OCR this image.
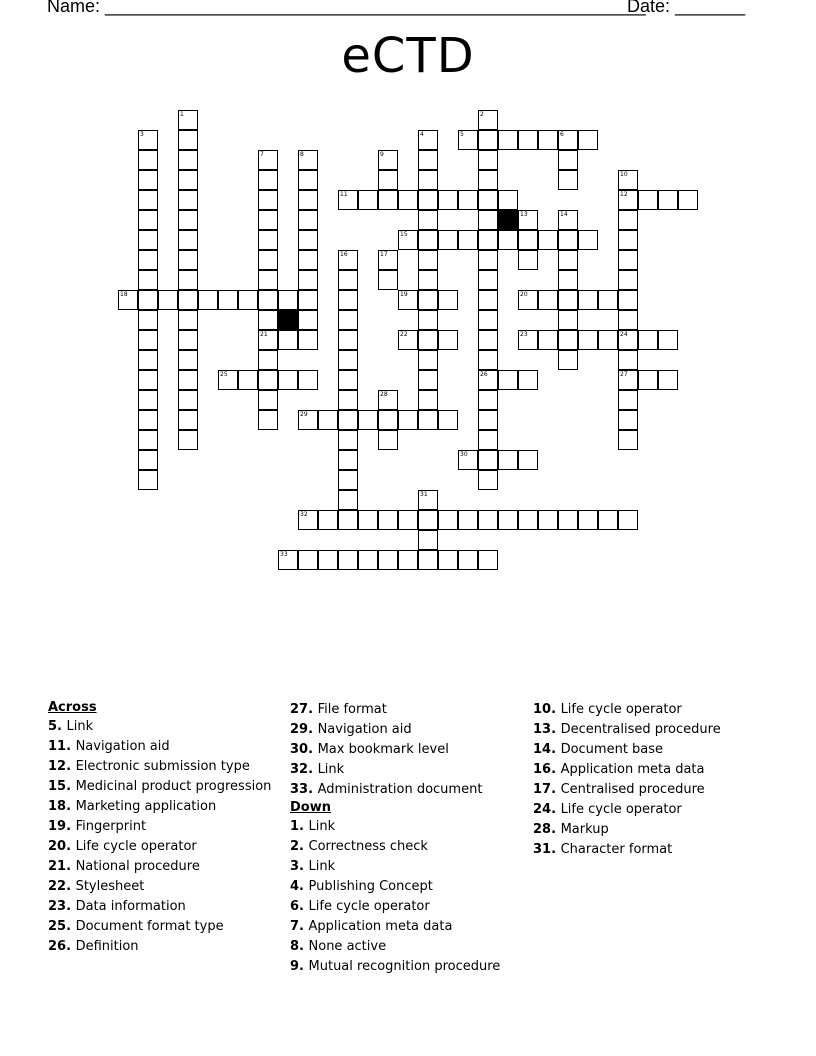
Name: ______________________________________________________
Date: _______
eCTD
5	6
11	12
15
18	19	20
21	22	23	24
25	26	27
29
30
32
33
1	2
3	4
7	8	9
10
13	14
16	17
28
31
Across
5. Link
11. Navigation aid
12. Electronic submission type
15. Medicinal product progression
18. Marketing application
19. Fingerprint
20. Life cycle operator
21. National procedure
22. Stylesheet
23. Data information
25. Document format type
26. Definition
27. File format
29. Navigation aid
30. Max bookmark level
32. Link
33. Administration document
Down
1. Link
2. Correctness check
3. Link
4. Publishing Concept
6. Life cycle operator
7. Application meta data
8. None active
9. Mutual recognition procedure
10. Life cycle operator
13. Decentralised procedure
14. Document base
16. Application meta data
17. Centralised procedure
24. Life cycle operator
28. Markup
31. Character format
